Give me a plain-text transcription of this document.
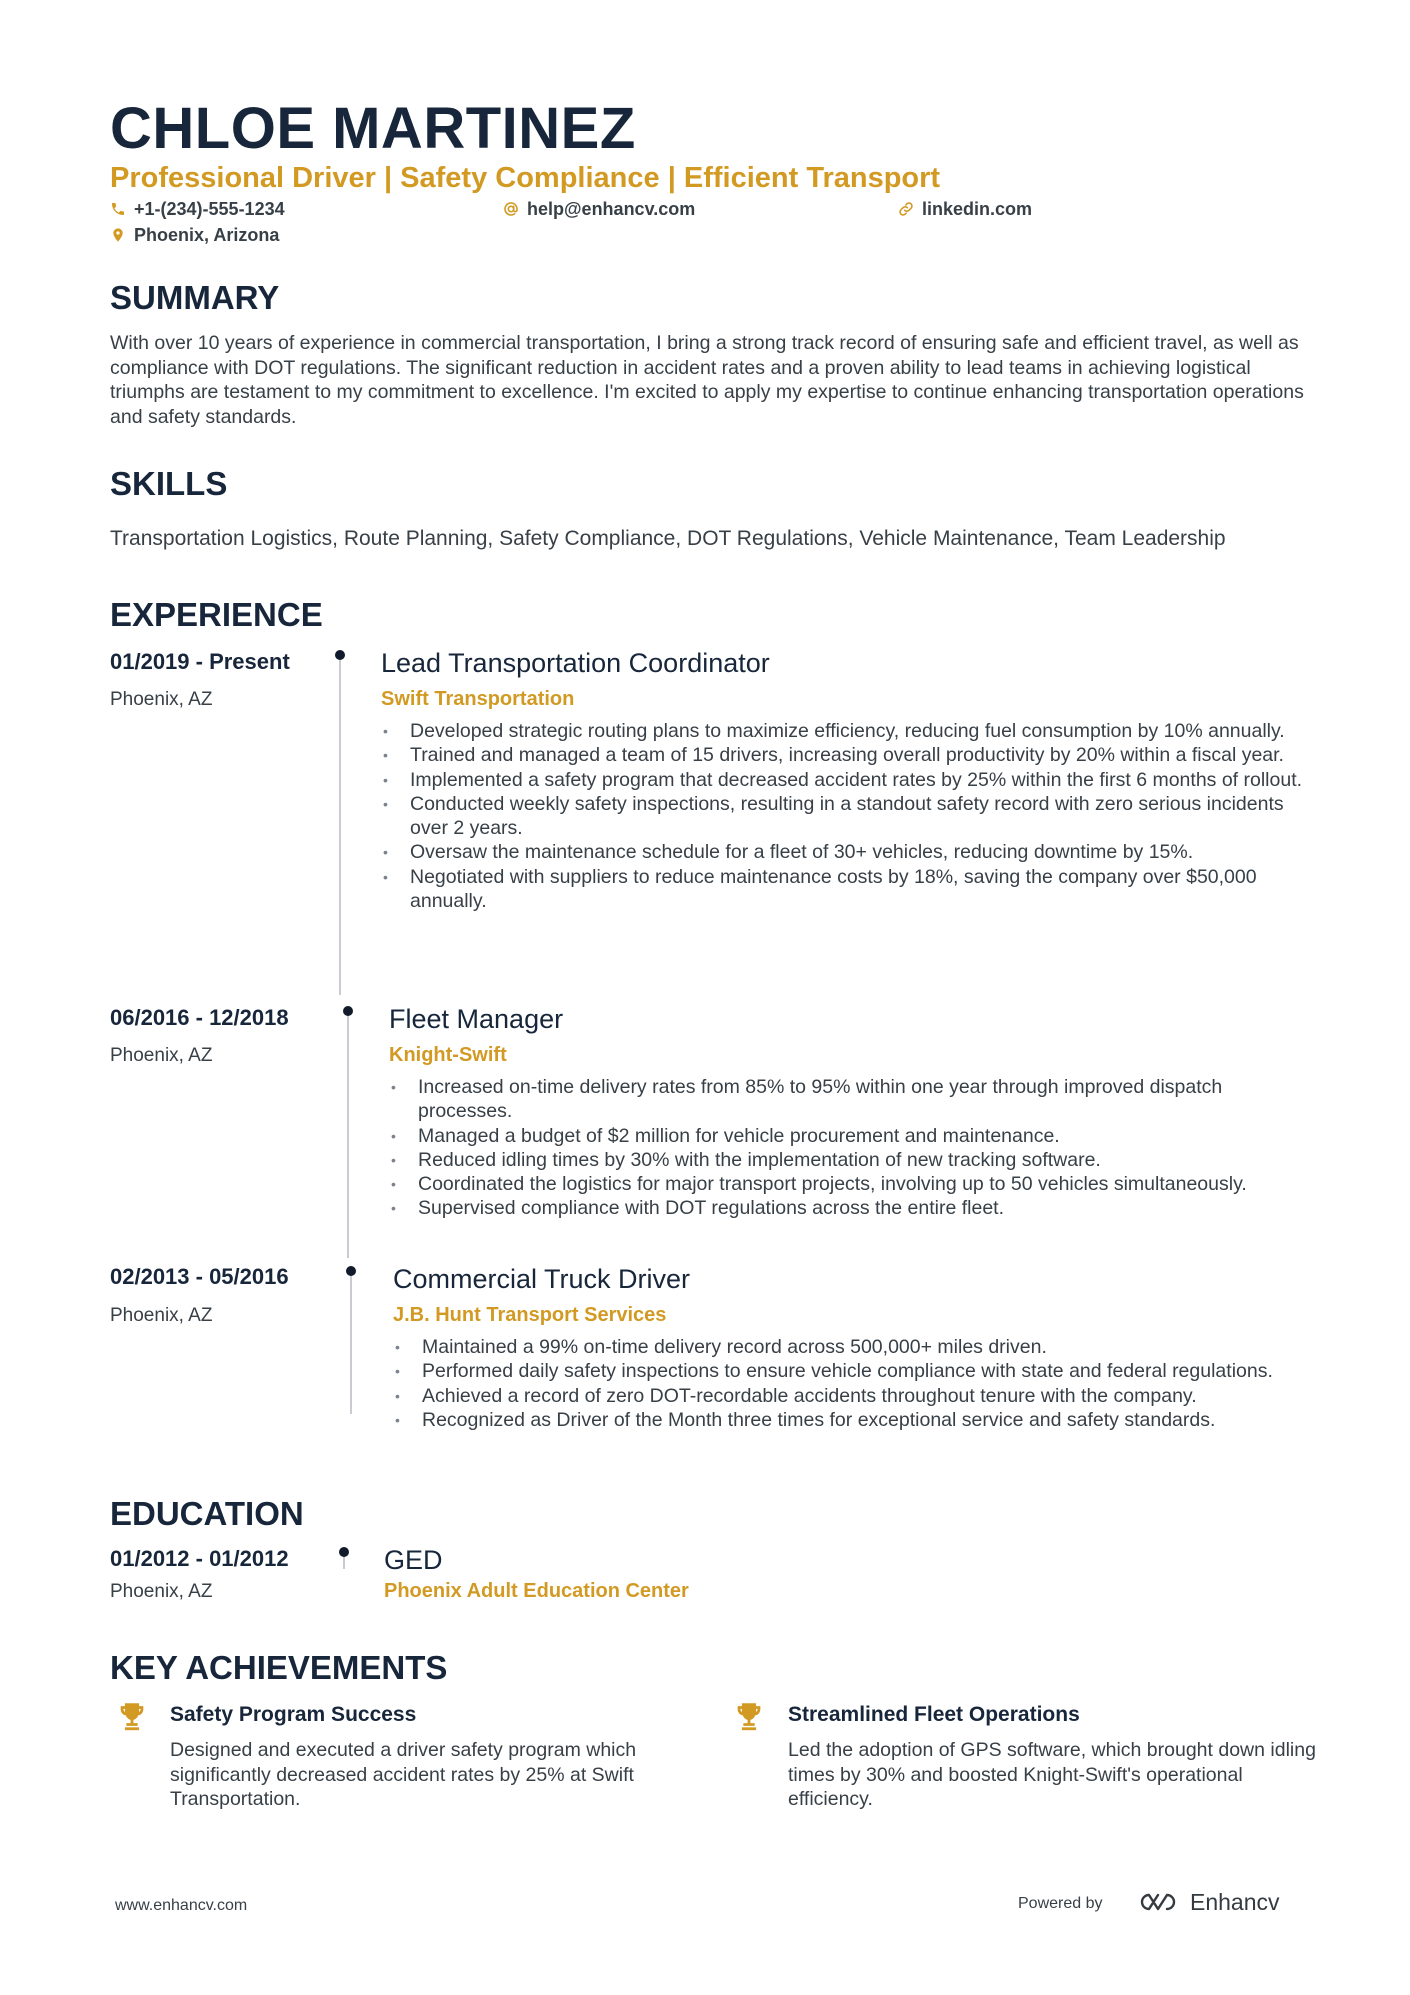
CHLOE MARTINEZ
Professional Driver | Safety Compliance | Efficient Transport
+1-(234)-555-1234	help@enhancv.com	linkedin.com
Phoenix, Arizona
SUMMARY
With over 10 years of experience in commercial transportation, I bring a strong track record of ensuring safe and efficient travel, as well as compliance with DOT regulations. The significant reduction in accident rates and a proven ability to lead teams in achieving logistical triumphs are testament to my commitment to excellence. I'm excited to apply my expertise to continue enhancing transportation operations and safety standards.
SKILLS
Transportation Logistics, Route Planning, Safety Compliance, DOT Regulations, Vehicle Maintenance, Team Leadership
EXPERIENCE
01/2019 - Present
Phoenix, AZ
Lead Transportation Coordinator
Swift Transportation
• Developed strategic routing plans to maximize efficiency, reducing fuel consumption by 10% annually.
• Trained and managed a team of 15 drivers, increasing overall productivity by 20% within a fiscal year.
• Implemented a safety program that decreased accident rates by 25% within the first 6 months of rollout.
• Conducted weekly safety inspections, resulting in a standout safety record with zero serious incidents over 2 years.
• Oversaw the maintenance schedule for a fleet of 30+ vehicles, reducing downtime by 15%.
• Negotiated with suppliers to reduce maintenance costs by 18%, saving the company over $50,000 annually.
06/2016 - 12/2018
Phoenix, AZ
Fleet Manager
Knight-Swift
• Increased on-time delivery rates from 85% to 95% within one year through improved dispatch processes.
• Managed a budget of $2 million for vehicle procurement and maintenance.
• Reduced idling times by 30% with the implementation of new tracking software.
• Coordinated the logistics for major transport projects, involving up to 50 vehicles simultaneously.
• Supervised compliance with DOT regulations across the entire fleet.
02/2013 - 05/2016
Phoenix, AZ
Commercial Truck Driver
J.B. Hunt Transport Services
• Maintained a 99% on-time delivery record across 500,000+ miles driven.
• Performed daily safety inspections to ensure vehicle compliance with state and federal regulations.
• Achieved a record of zero DOT-recordable accidents throughout tenure with the company.
• Recognized as Driver of the Month three times for exceptional service and safety standards.
EDUCATION
01/2012 - 01/2012
Phoenix, AZ
GED
Phoenix Adult Education Center
KEY ACHIEVEMENTS
Safety Program Success
Designed and executed a driver safety program which significantly decreased accident rates by 25% at Swift Transportation.
Streamlined Fleet Operations
Led the adoption of GPS software, which brought down idling times by 30% and boosted Knight-Swift's operational efficiency.
www.enhancv.com	Powered by	Enhancv
